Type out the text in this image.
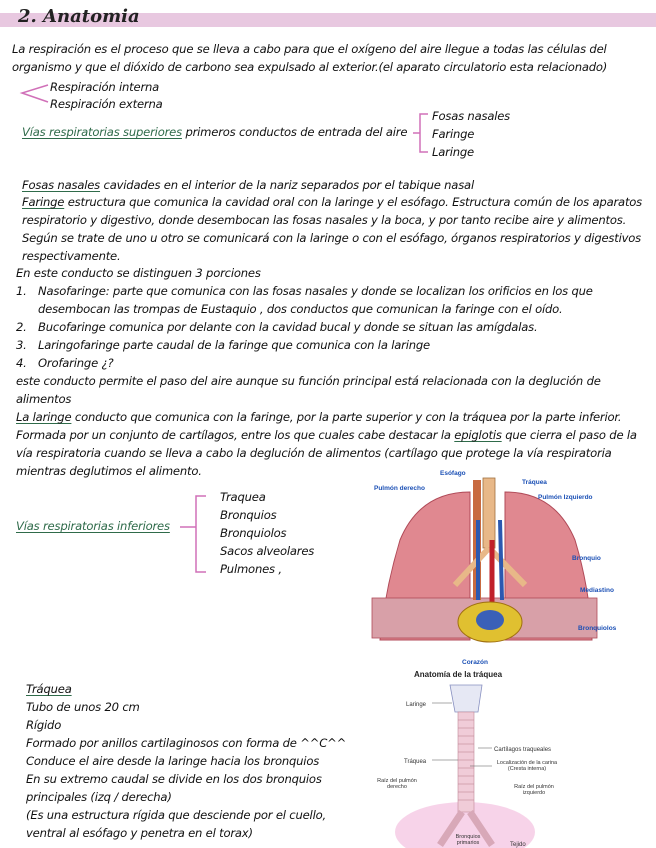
2. Anatomia
La respiración es el proceso que se lleva a cabo para que el oxígeno del aire llegue a todas las células del organismo y que el dióxido de carbono sea expulsado al exterior.(el aparato circulatorio esta relacionado)
Respiración interna
Respiración externa
Vías respiratorias superiores primeros conductos de entrada del aire
Fosas nasales
Faringe
Laringe
Fosas nasales cavidades en el interior de la nariz separados por el tabique nasal
Faringe estructura que comunica la cavidad oral con la laringe y el esófago. Estructura común de los aparatos respiratorio y digestivo, donde desembocan las fosas nasales y la boca, y por tanto recibe aire y alimentos. Según se trate de uno u otro se comunicará con la laringe o con el esófago, órganos respiratorios y digestivos respectivamente.
En este conducto se distinguen 3 porciones
1. Nasofaringe: parte que comunica con las fosas nasales y donde se localizan los orificios en los que desembocan las trompas de Eustaquio , dos conductos que comunican la faringe con el oído.
2. Bucofaringe comunica por delante con la cavidad bucal y donde se situan las amígdalas.
3. Laringofaringe parte caudal de la faringe que comunica con la laringe
4. Orofaringe ¿?
este conducto permite el paso del aire aunque su función principal está relacionada con la deglución de alimentos
La laringe conducto que comunica con la faringe, por la parte superior y con la tráquea por la parte inferior. Formada por un conjunto de cartílagos, entre los que cuales cabe destacar la epiglotis que cierra el paso de la vía respiratoria cuando se lleva a cabo la deglución de alimentos (cartílago que protege la vía respiratoria mientras deglutimos el alimento.
Vías respiratorias inferiores
Traquea
Bronquios
Bronquiolos
Sacos alveolares
Pulmones ,
Tráquea
Tubo de unos 20 cm
Rígido
Formado por anillos cartilaginosos con forma de ^^C^^
Conduce el aire desde la laringe hacia los bronquios
En su extremo caudal se divide en los dos bronquios
principales (izq / derecha)
(Es una estructura rígida que desciende por el cuello,
ventral al esófago y penetra en el torax)
Esófago
Tráquea
Pulmón derecho
Pulmón Izquierdo
Bronquio
Mediastino
Bronquiolos
Corazón
Anatomía de la tráquea
Laringe
Tráquea
Cartílagos traqueales
Localización de la carina (Cresta interna)
Raíz del pulmón derecho	Raíz del pulmón izquierdo
Bronquios primarios	Tejido
